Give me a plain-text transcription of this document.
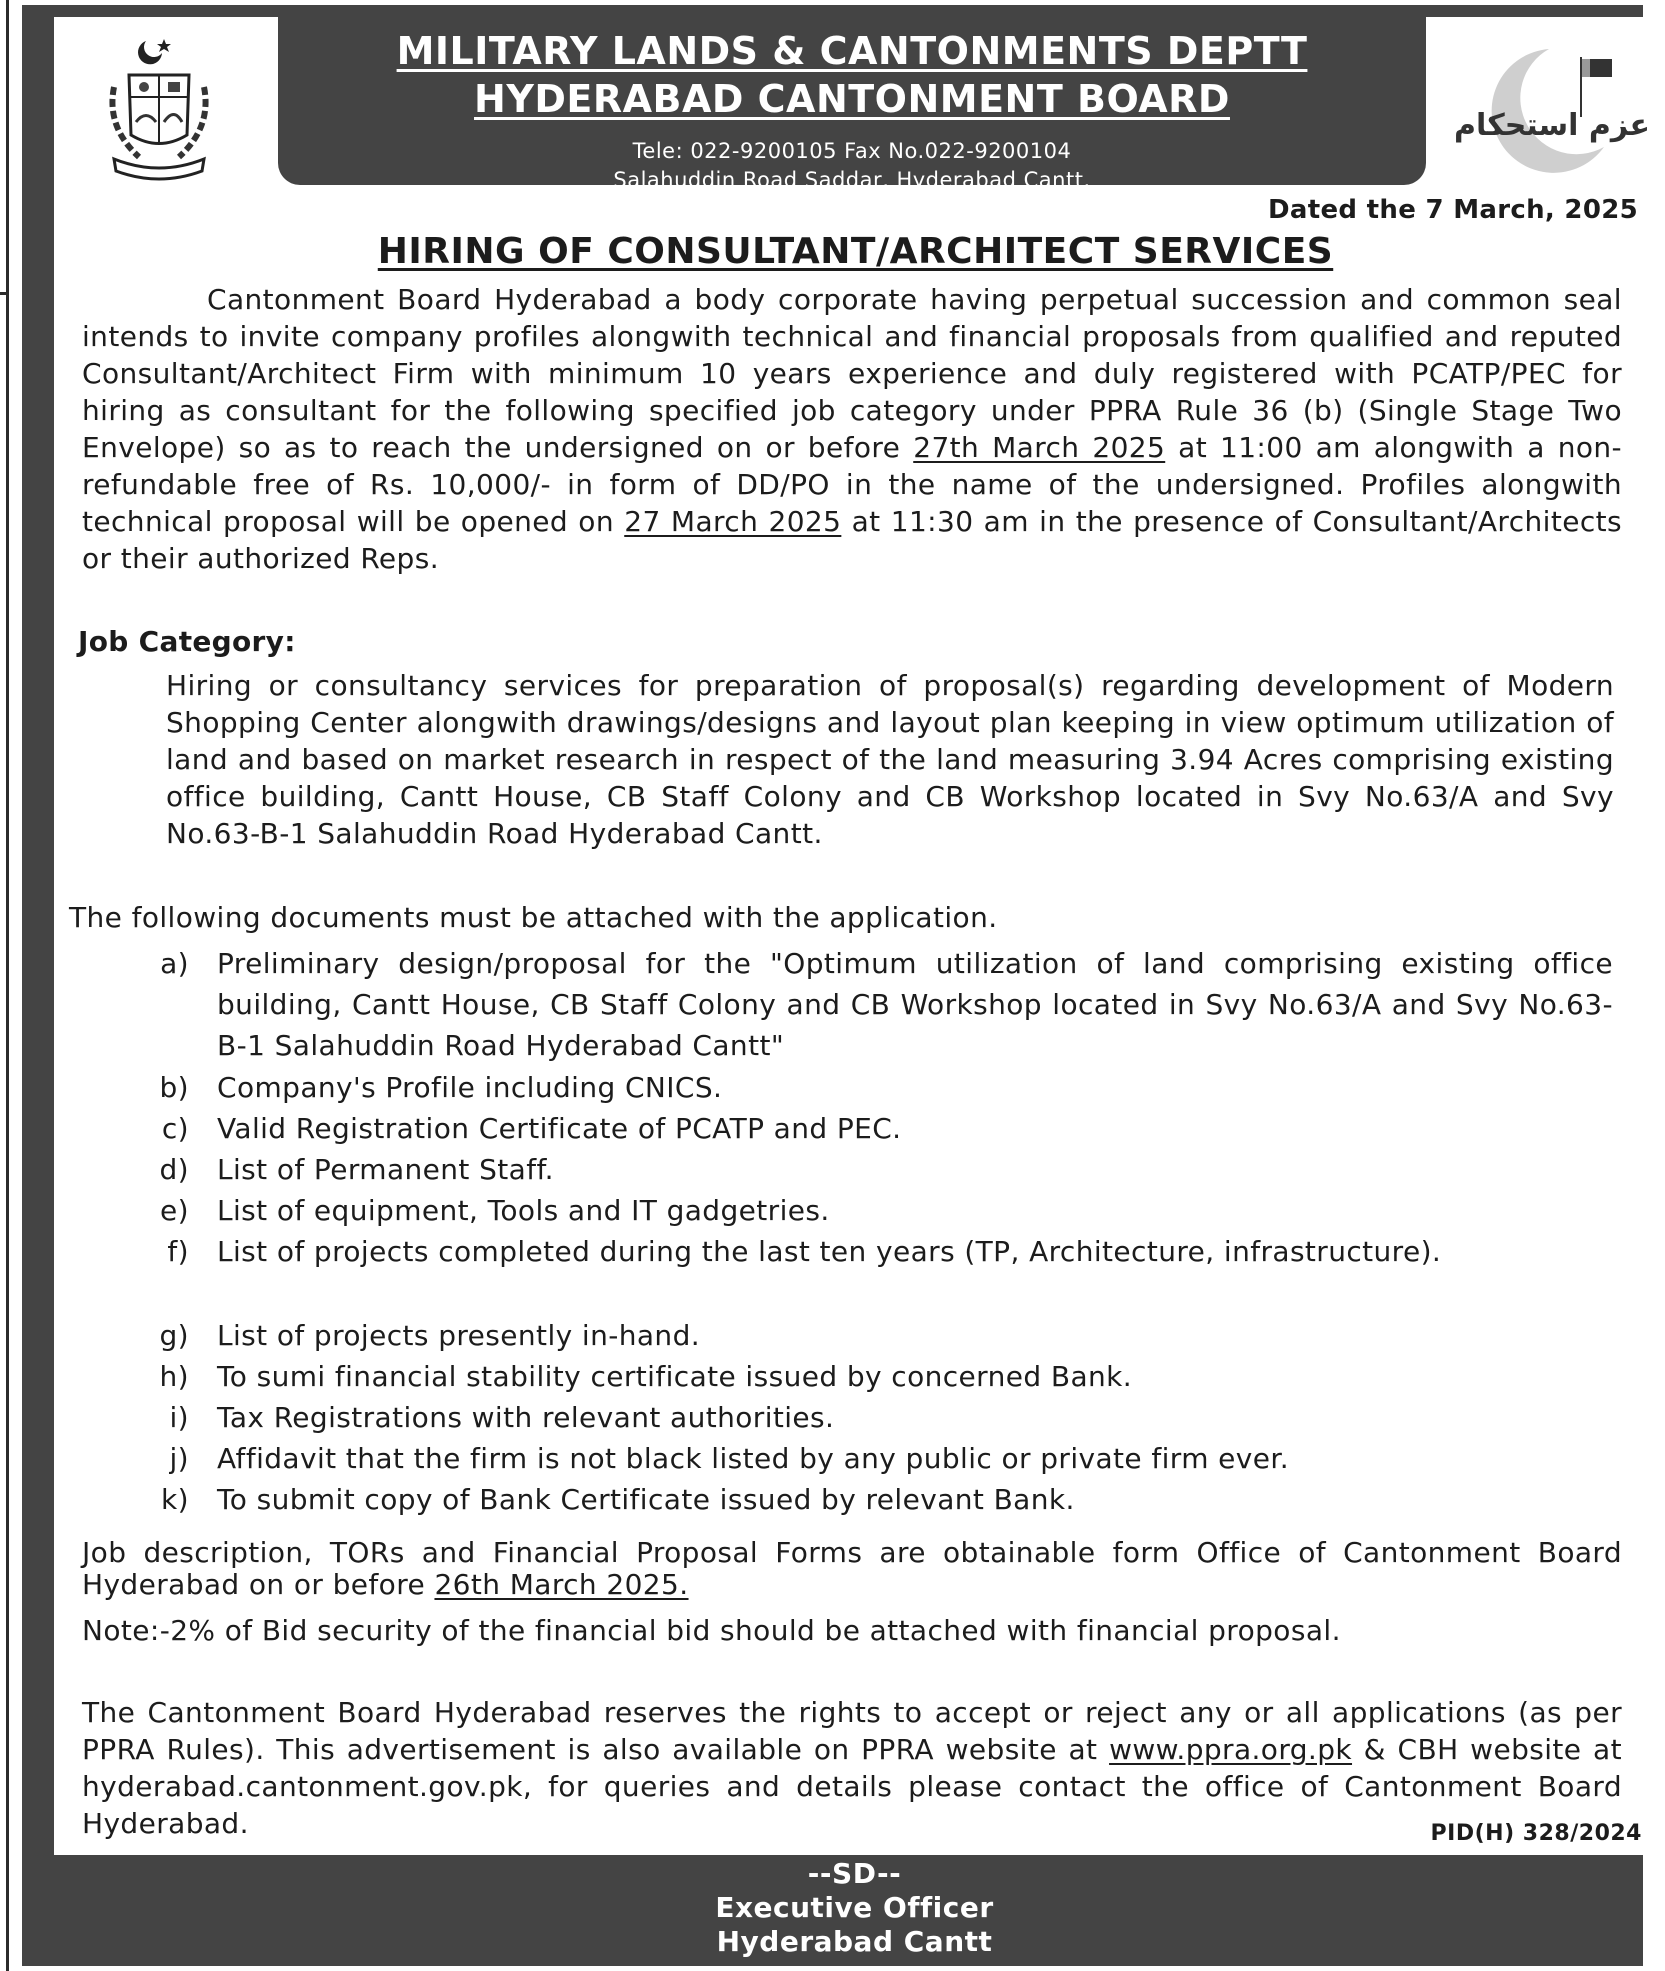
MILITARY LANDS & CANTONMENTS DEPTT
HYDERABAD CANTONMENT BOARD
Tele: 022-9200105 Fax No.022-9200104
Salahuddin Road Saddar, Hyderabad Cantt.
عزم استحکام
Dated the 7 March, 2025
HIRING OF CONSULTANT/ARCHITECT SERVICES
Cantonment Board Hyderabad a body corporate having perpetual succession and common seal intends to invite company profiles alongwith technical and financial proposals from qualified and reputed Consultant/Architect Firm with minimum 10 years experience and duly registered with PCATP/PEC for hiring as consultant for the following specified job category under PPRA Rule 36 (b) (Single Stage Two Envelope) so as to reach the undersigned on or before 27th March 2025 at 11:00 am alongwith a non-refundable free of Rs. 10,000/- in form of DD/PO in the name of the undersigned. Profiles alongwith technical proposal will be opened on 27 March 2025 at 11:30 am in the presence of Consultant/Architects or their authorized Reps.
Job Category:
Hiring or consultancy services for preparation of proposal(s) regarding development of Modern Shopping Center alongwith drawings/designs and layout plan keeping in view optimum utilization of land and based on market research in respect of the land measuring 3.94 Acres comprising existing office building, Cantt House, CB Staff Colony and CB Workshop located in Svy No.63/A and Svy No.63-B-1 Salahuddin Road Hyderabad Cantt.
The following documents must be attached with the application.
a) Preliminary design/proposal for the "Optimum utilization of land comprising existing office building, Cantt House, CB Staff Colony and CB Workshop located in Svy No.63/A and Svy No.63-B-1 Salahuddin Road Hyderabad Cantt"
b) Company's Profile including CNICS.
c) Valid Registration Certificate of PCATP and PEC.
d) List of Permanent Staff.
e) List of equipment, Tools and IT gadgetries.
f) List of projects completed during the last ten years (TP, Architecture, infrastructure).
g) List of projects presently in-hand.
h) To sumi financial stability certificate issued by concerned Bank.
i) Tax Registrations with relevant authorities.
j) Affidavit that the firm is not black listed by any public or private firm ever.
k) To submit copy of Bank Certificate issued by relevant Bank.
Job description, TORs and Financial Proposal Forms are obtainable form Office of Cantonment Board Hyderabad on or before 26th March 2025.
Note:-2% of Bid security of the financial bid should be attached with financial proposal.
The Cantonment Board Hyderabad reserves the rights to accept or reject any or all applications (as per PPRA Rules). This advertisement is also available on PPRA website at www.ppra.org.pk & CBH website at hyderabad.cantonment.gov.pk, for queries and details please contact the office of Cantonment Board Hyderabad.	PID(H) 328/2024
--SD--
Executive Officer
Hyderabad Cantt
